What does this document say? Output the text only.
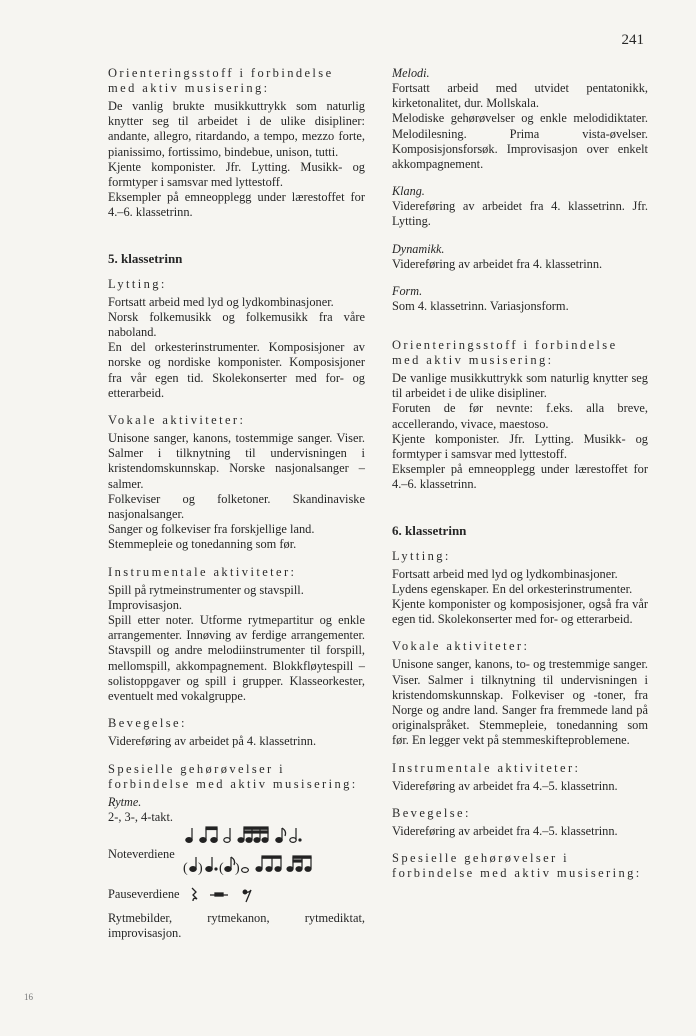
241

Orienteringsstoff i forbindelse med aktiv musisering:

De vanlig brukte musikkuttrykk som naturlig knytter seg til arbeidet i de ulike disipliner: andante, allegro, ritardando, a tempo, mezzo forte, pianissimo, fortissimo, bindebue, unison, tutti.

Kjente komponister. Jfr. Lytting. Musikk- og formtyper i samsvar med lyttestoff.

Eksempler på emneopplegg under lærestoffet for 4.–6. klassetrinn.

5. klassetrinn

Lytting:

Fortsatt arbeid med lyd og lydkombinasjoner.

Norsk folkemusikk og folkemusikk fra våre naboland.

En del orkesterinstrumenter. Komposisjoner av norske og nordiske komponister. Komposisjoner fra vår egen tid. Skolekonserter med for- og etterarbeid.

Vokale aktiviteter:

Unisone sanger, kanons, tostemmige sanger. Viser. Salmer i tilknytning til undervisningen i kristendomskunnskap. Norske nasjonalsanger – salmer.

Folkeviser og folketoner. Skandinaviske nasjonalsanger.

Sanger og folkeviser fra forskjellige land.

Stemmepleie og tonedanning som før.

Instrumentale aktiviteter:

Spill på rytmeinstrumenter og stavspill.

Improvisasjon.

Spill etter noter. Utforme rytmepartitur og enkle arrangementer. Innøving av ferdige arrangementer. Stavspill og andre melodiinstrumenter til forspill, mellomspill, akkompagnement. Blokkfløytespill – solistoppgaver og spill i grupper. Klasseorkester, eventuelt med vokalgruppe.

Bevegelse:

Videreføring av arbeidet på 4. klassetrinn.

Spesielle gehørøvelser i forbindelse med aktiv musisering:

Rytme.

2-, 3-, 4-takt.

Noteverdiene
( ) ( )
Pauseverdiene

Rytmebilder, rytmekanon, rytmediktat, improvisasjon.

Melodi.

Fortsatt arbeid med utvidet pentatonikk, kirketonalitet, dur. Mollskala.

Melodiske gehørøvelser og enkle melodidiktater. Melodilesning. Prima vista-øvelser. Komposisjonsforsøk. Improvisasjon over enkelt akkompagnement.

Klang.

Videreføring av arbeidet fra 4. klassetrinn. Jfr. Lytting.

Dynamikk.

Videreføring av arbeidet fra 4. klassetrinn.

Form.

Som 4. klassetrinn. Variasjonsform.

Orienteringsstoff i forbindelse med aktiv musisering:

De vanlige musikkuttrykk som naturlig knytter seg til arbeidet i de ulike disipliner.

Foruten de før nevnte: f.eks. alla breve, accellerando, vivace, maestoso.

Kjente komponister. Jfr. Lytting. Musikk- og formtyper i samsvar med lyttestoff.

Eksempler på emneopplegg under lærestoffet for 4.–6. klassetrinn.

6. klassetrinn

Lytting:

Fortsatt arbeid med lyd og lydkombinasjoner.

Lydens egenskaper. En del orkesterinstrumenter.

Kjente komponister og komposisjoner, også fra vår egen tid. Skolekonserter med for- og etterarbeid.

Vokale aktiviteter:

Unisone sanger, kanons, to- og trestemmige sanger. Viser. Salmer i tilknytning til undervisningen i kristendomskunnskap. Folkeviser og -toner, fra Norge og andre land. Sanger fra fremmede land på originalspråket. Stemmepleie, tonedanning som før. En legger vekt på stemmeskifteproblemene.

Instrumentale aktiviteter:

Videreføring av arbeidet fra 4.–5. klassetrinn.

Bevegelse:

Videreføring av arbeidet fra 4.–5. klassetrinn.

Spesielle gehørøvelser i forbindelse med aktiv musisering:

16
